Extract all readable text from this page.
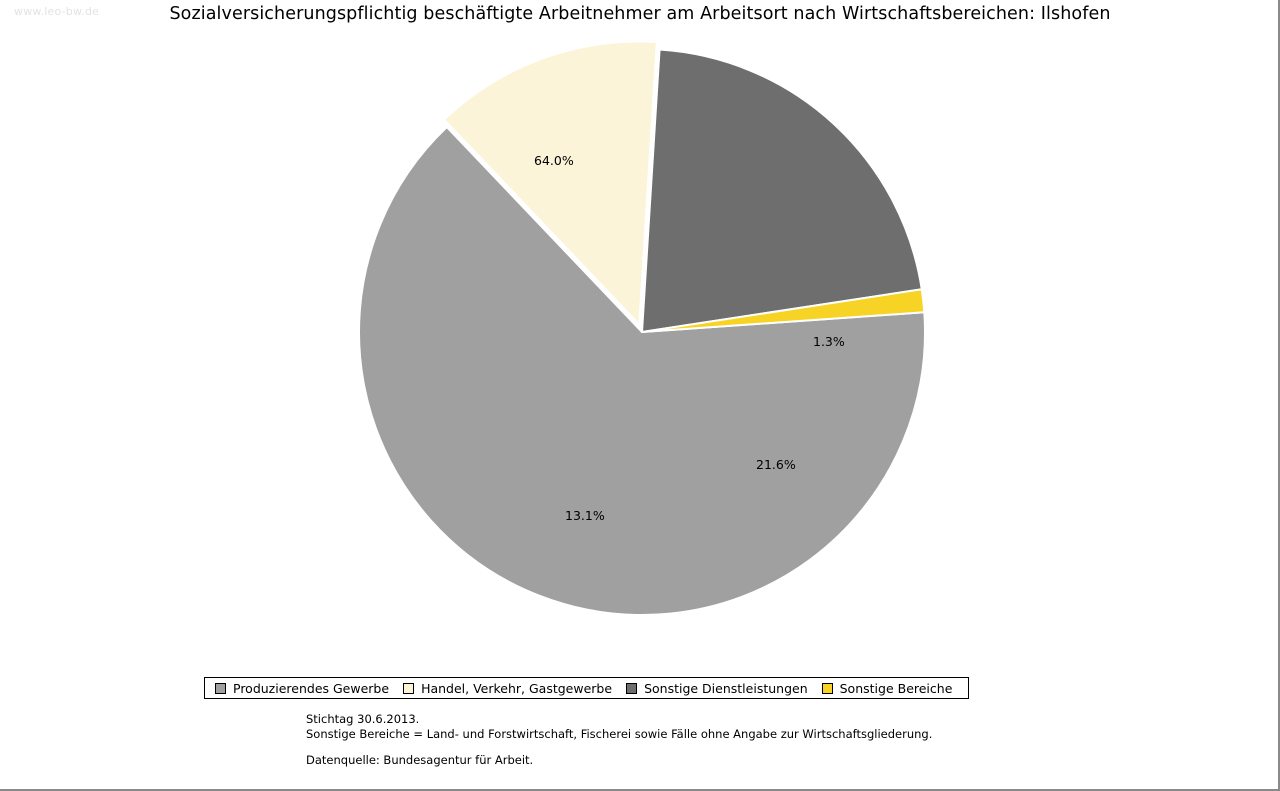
www.leo-bw.de	Sozialversicherungspflichtig beschäftigte Arbeitnehmer am Arbeitsort nach Wirtschaftsbereichen: Ilshofen
64.0%
13.1%
21.6%
1.3%
Produzierendes Gewerbe	Handel, Verkehr, Gastgewerbe	Sonstige Dienstleistungen	Sonstige Bereiche
Stichtag 30.6.2013.
Sonstige Bereiche = Land- und Forstwirtschaft, Fischerei sowie Fälle ohne Angabe zur Wirtschaftsgliederung.
Datenquelle: Bundesagentur für Arbeit.
